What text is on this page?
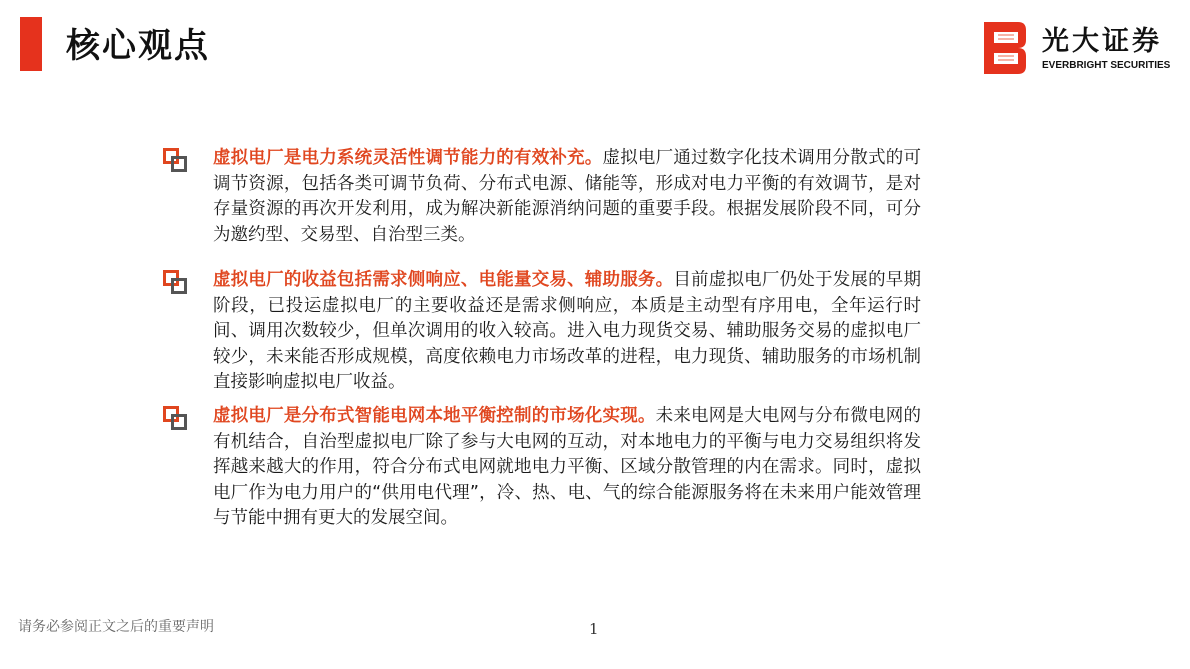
核心观点	光大证券
EVERBRIGHT SECURITIES
虚拟电厂是电力系统灵活性调节能力的有效补充。虚拟电厂通过数字化技术调用分散式的可调节资源，包括各类可调节负荷、分布式电源、储能等，形成对电力平衡的有效调节，是对存量资源的再次开发利用，成为解决新能源消纳问题的重要手段。根据发展阶段不同，可分为邀约型、交易型、自治型三类。
虚拟电厂的收益包括需求侧响应、电能量交易、辅助服务。目前虚拟电厂仍处于发展的早期阶段，已投运虚拟电厂的主要收益还是需求侧响应，本质是主动型有序用电，全年运行时间、调用次数较少，但单次调用的收入较高。进入电力现货交易、辅助服务交易的虚拟电厂较少，未来能否形成规模，高度依赖电力市场改革的进程，电力现货、辅助服务的市场机制直接影响虚拟电厂收益。
虚拟电厂是分布式智能电网本地平衡控制的市场化实现。未来电网是大电网与分布微电网的有机结合，自治型虚拟电厂除了参与大电网的互动，对本地电力的平衡与电力交易组织将发挥越来越大的作用，符合分布式电网就地电力平衡、区域分散管理的内在需求。同时，虚拟电厂作为电力用户的“供用电代理”，冷、热、电、气的综合能源服务将在未来用户能效管理与节能中拥有更大的发展空间。
请务必参阅正文之后的重要声明	1
